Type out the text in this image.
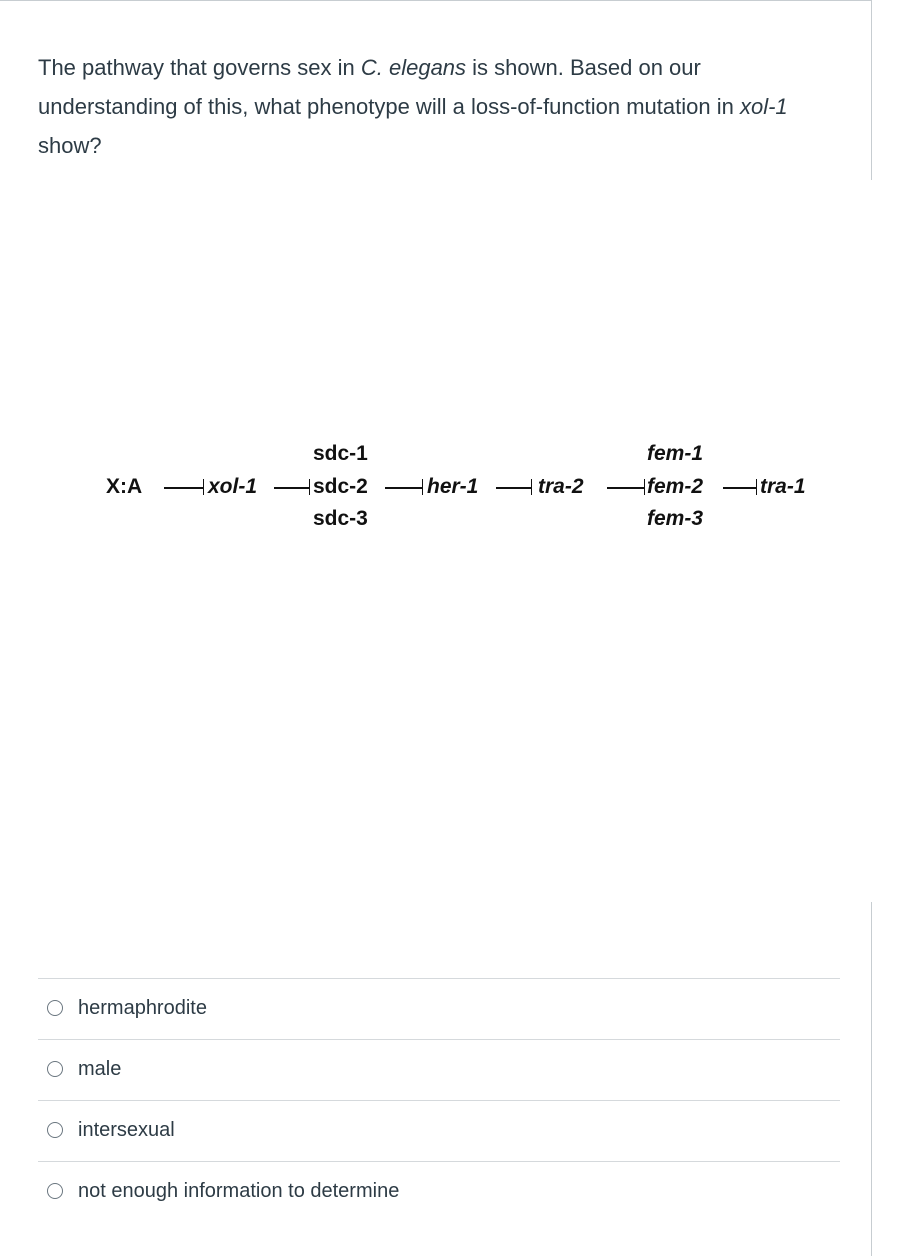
The pathway that governs sex in C. elegans is shown. Based on our understanding of this, what phenotype will a loss-of-function mutation in xol-1 show?
X:A	xol-1
sdc-1
sdc-2
sdc-3
her-1	tra-2
fem-1
fem-2
fem-3
tra-1
hermaphrodite
male
intersexual
not enough information to determine
